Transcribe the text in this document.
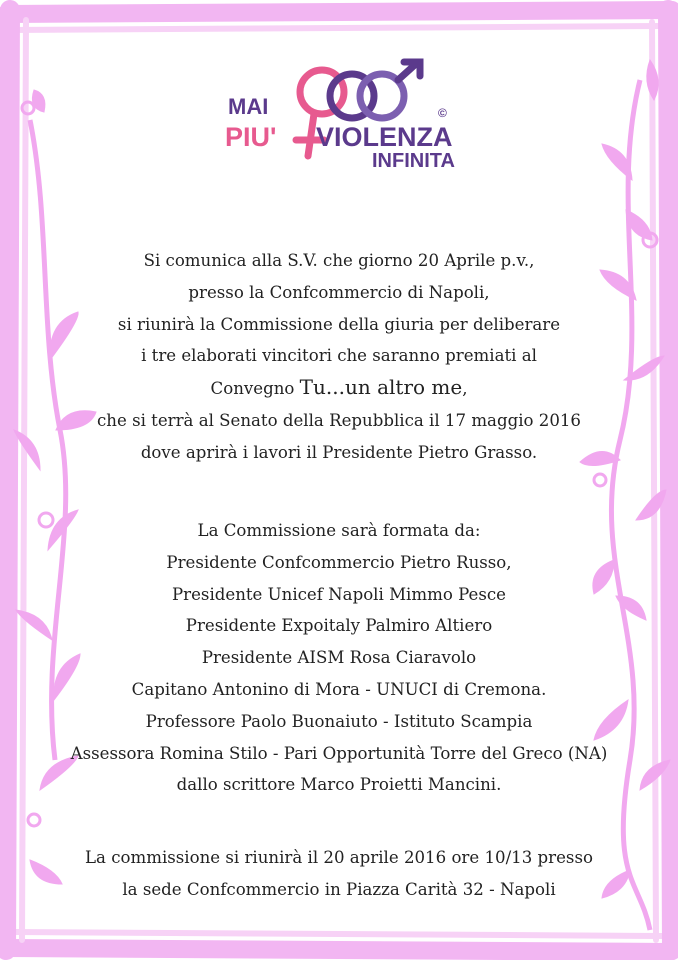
MAI
PIU' VIOLENZA
INFINITA
©
Si comunica alla S.V. che giorno 20 Aprile p.v.,
presso la Confcommercio di Napoli,
si riunirà la Commissione della giuria per deliberare
i tre elaborati vincitori che saranno premiati al
Convegno Tu...un altro me,
che si terrà al Senato della Repubblica il 17 maggio 2016
dove aprirà i lavori il Presidente Pietro Grasso.
La Commissione sarà formata da:
Presidente Confcommercio Pietro Russo,
Presidente Unicef Napoli Mimmo Pesce
Presidente Expoitaly Palmiro Altiero
Presidente AISM Rosa Ciaravolo
Capitano Antonino di Mora - UNUCI di Cremona.
Professore Paolo Buonaiuto - Istituto Scampia
Assessora Romina Stilo - Pari Opportunità Torre del Greco (NA)
dallo scrittore Marco Proietti Mancini.
La commissione si riunirà il 20 aprile 2016 ore 10/13 presso
la sede Confcommercio in Piazza Carità 32 - Napoli
